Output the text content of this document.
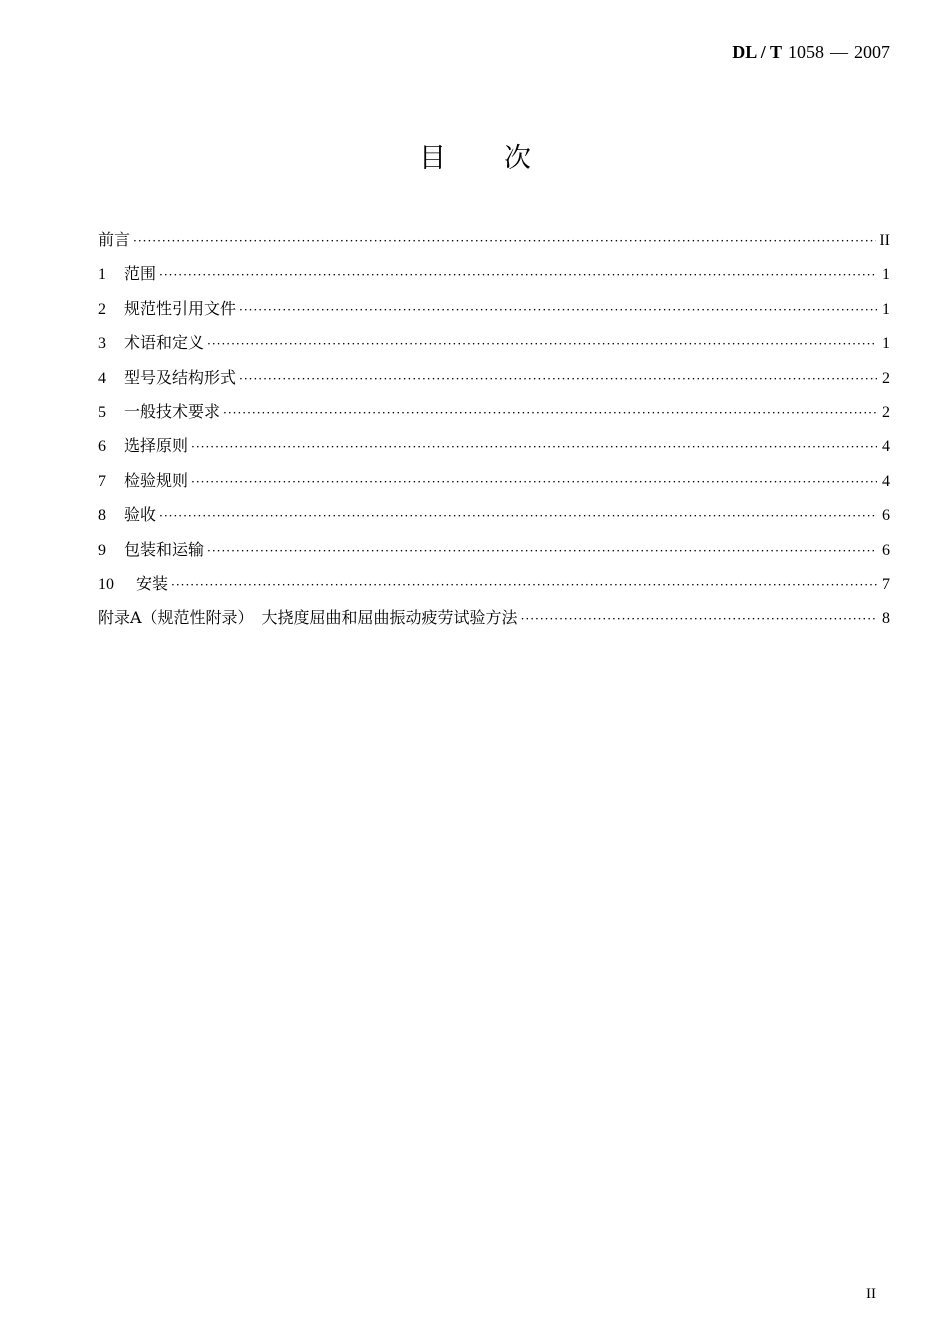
DL / T 1058 — 2007
目 次
前言 ·····	II
1 范围 ·····	1
2 规范性引用文件 ·····	1
3 术语和定义 ·····	1
4 型号及结构形式 ·····	2
5 一般技术要求 ·····	2
6 选择原则 ·····	4
7 检验规则 ·····	4
8 验收 ·····	6
9 包装和运输 ·····	6
10 安装 ·····	7
附录A（规范性附录）　大挠度屈曲和屈曲振动疲劳试验方法 ·····	8
II
